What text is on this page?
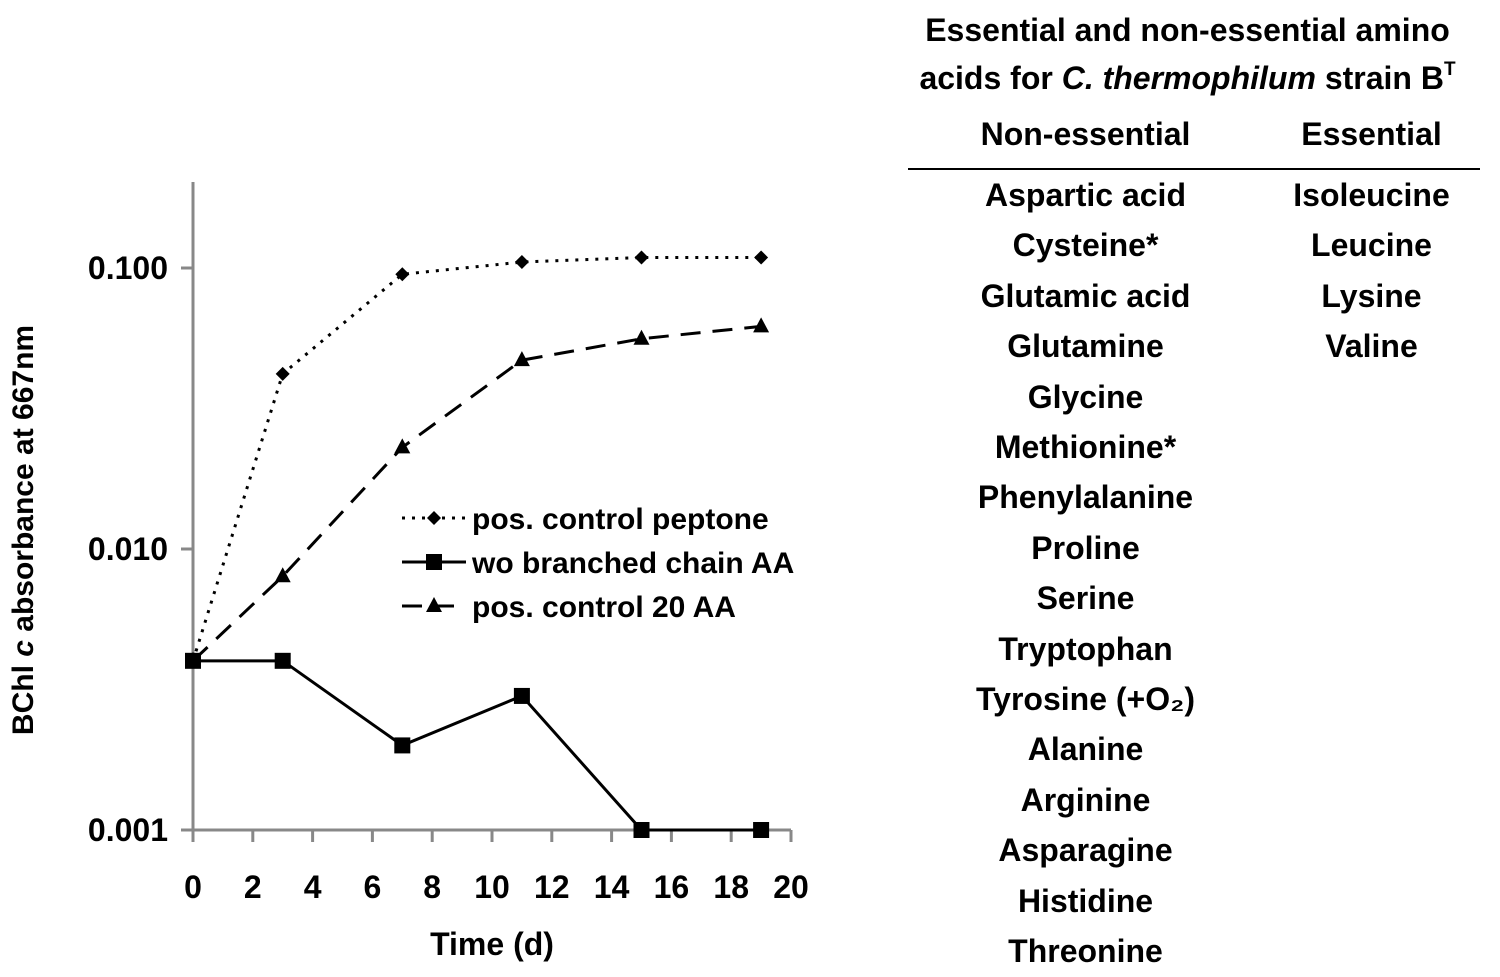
0 2 4 6 8 10 12 14 16 18 20
0.001
0.010
0.100
pos. control peptone
wo branched chain AA
pos. control 20 AA
BChl c absorbance at 667nm
Time (d)

Essential and non-essential amino
acids for C. thermophilum strain $B^T$

Non-essential	Essential
Aspartic acid
Cysteine*
Glutamic acid
Glutamine
Glycine
Methionine*
Phenylalanine
Proline
Serine
Tryptophan
Tyrosine (+O₂)
Alanine
Arginine
Asparagine
Histidine
Threonine
Isoleucine
Leucine
Lysine
Valine
